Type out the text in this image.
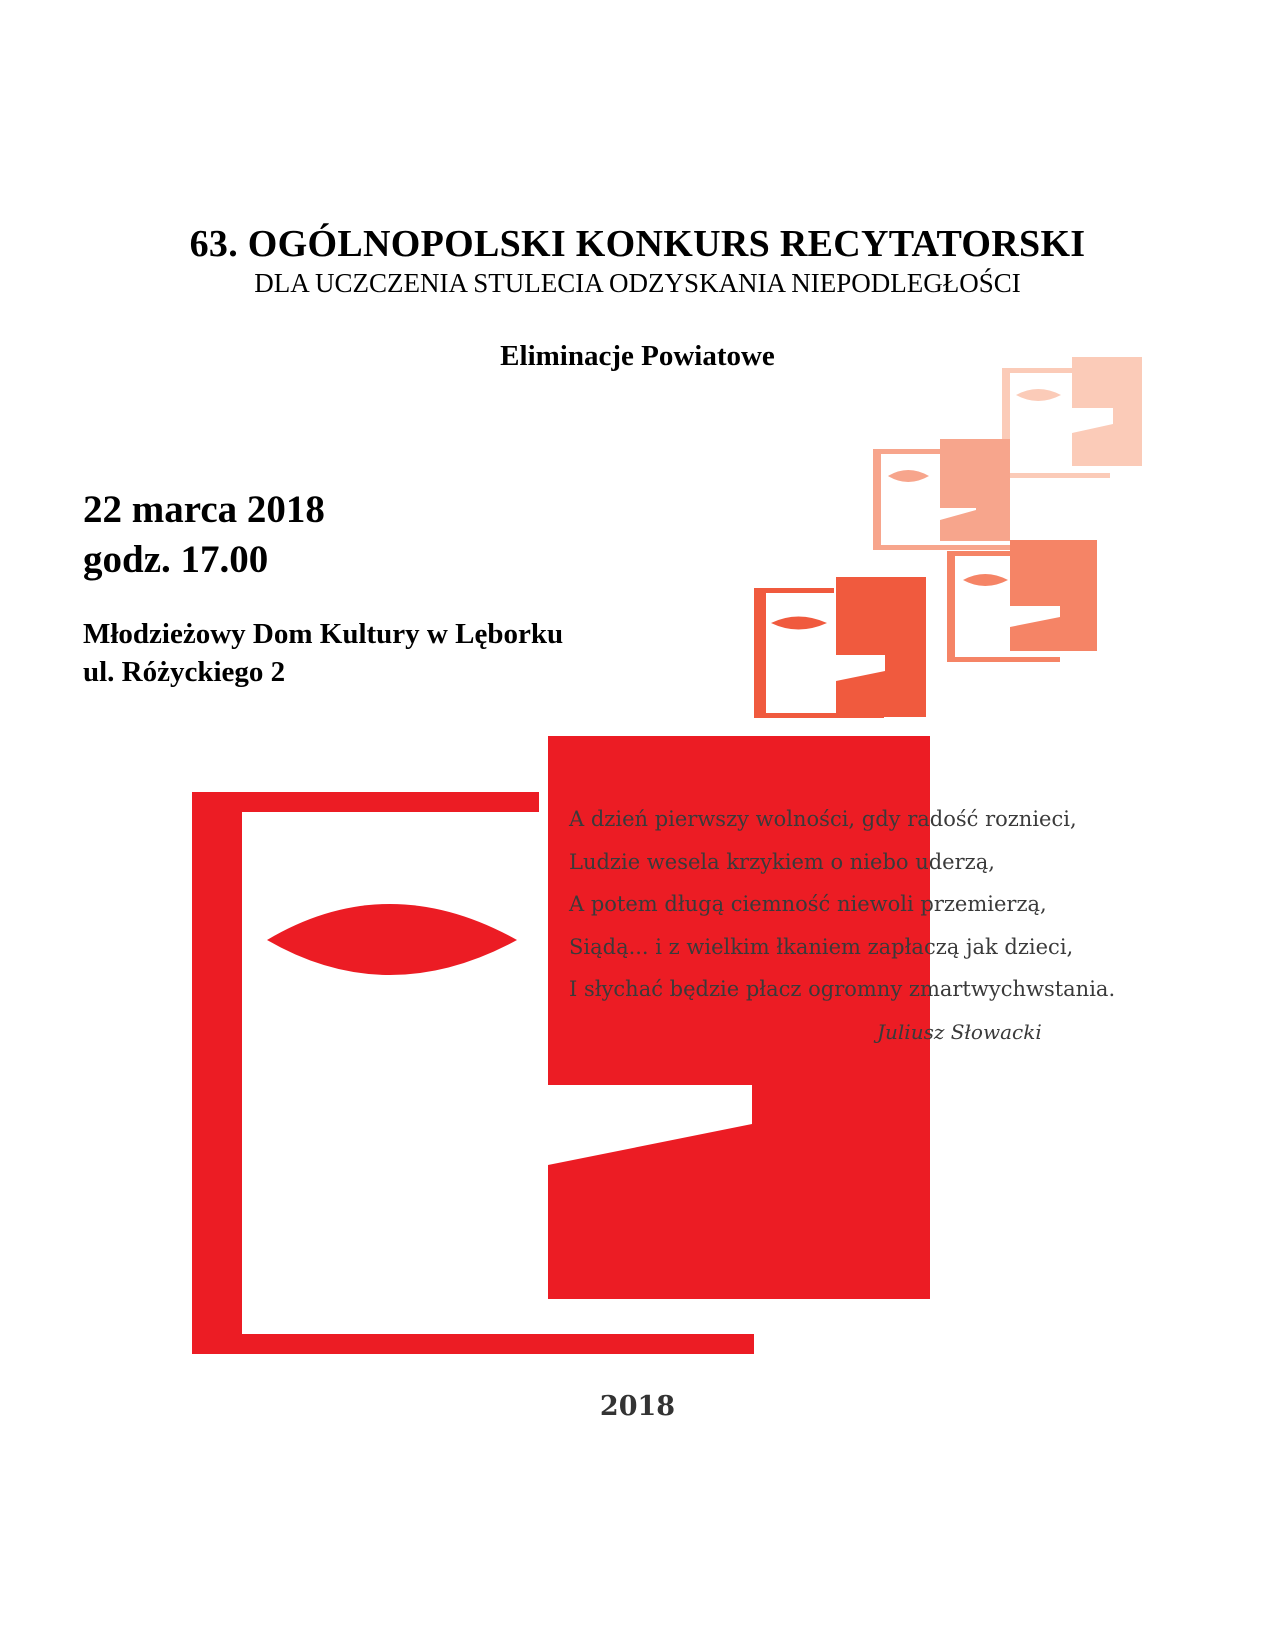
63. OGÓLNOPOLSKI KONKURS RECYTATORSKI
DLA UCZCZENIA STULECIA ODZYSKANIA NIEPODLEGŁOŚCI
Eliminacje Powiatowe
22 marca 2018
godz. 17.00
Młodzieżowy Dom Kultury w Lęborku
ul. Różyckiego 2
A dzień pierwszy wolności, gdy radość roznieci,
Ludzie wesela krzykiem o niebo uderzą,
A potem długą ciemność niewoli przemierzą,
Siądą... i z wielkim łkaniem zapłaczą jak dzieci,
I słychać będzie płacz ogromny zmartwychwstania.
Juliusz Słowacki
2018
